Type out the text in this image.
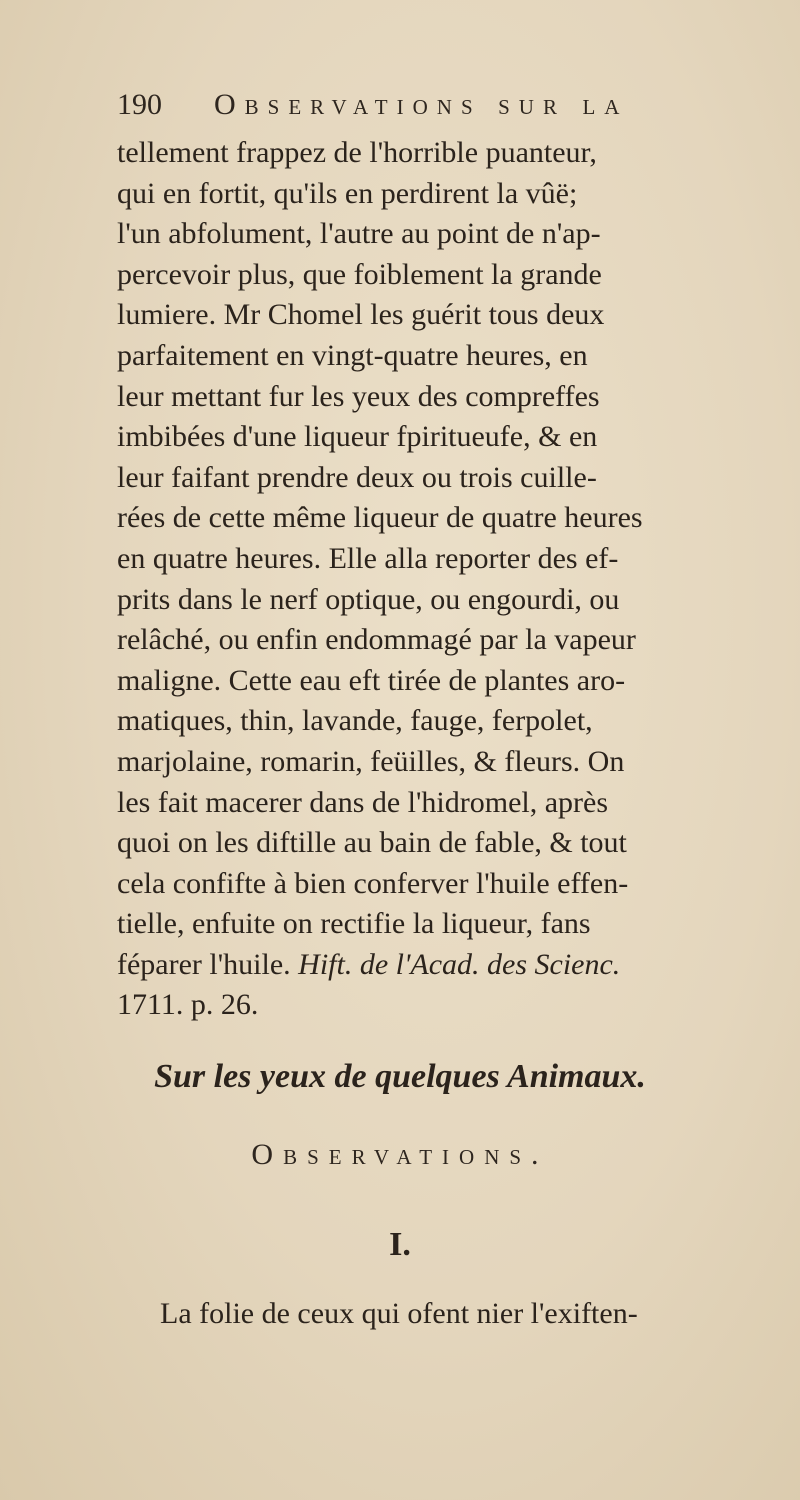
190 Observations sur la
tellement frappez de l'horrible puanteur,
qui en fortit, qu'ils en perdirent la vûë;
l'un abfolument, l'autre au point de n'ap-
percevoir plus, que foiblement la grande
lumiere. Mr Chomel les guérit tous deux
parfaitement en vingt-quatre heures, en
leur mettant fur les yeux des compreffes
imbibées d'une liqueur fpiritueufe, & en
leur faifant prendre deux ou trois cuille-
rées de cette même liqueur de quatre heures
en quatre heures. Elle alla reporter des ef-
prits dans le nerf optique, ou engourdi, ou
relâché, ou enfin endommagé par la vapeur
maligne. Cette eau eft tirée de plantes aro-
matiques, thin, lavande, fauge, ferpolet,
marjolaine, romarin, feüilles, & fleurs. On
les fait macerer dans de l'hidromel, après
quoi on les diftille au bain de fable, & tout
cela confifte à bien conferver l'huile effen-
tielle, enfuite on rectifie la liqueur, fans
féparer l'huile. Hift. de l'Acad. des Scienc.
1711. p. 26.
Sur les yeux de quelques Animaux.
Observations.
I.
La folie de ceux qui ofent nier l'exiften-
